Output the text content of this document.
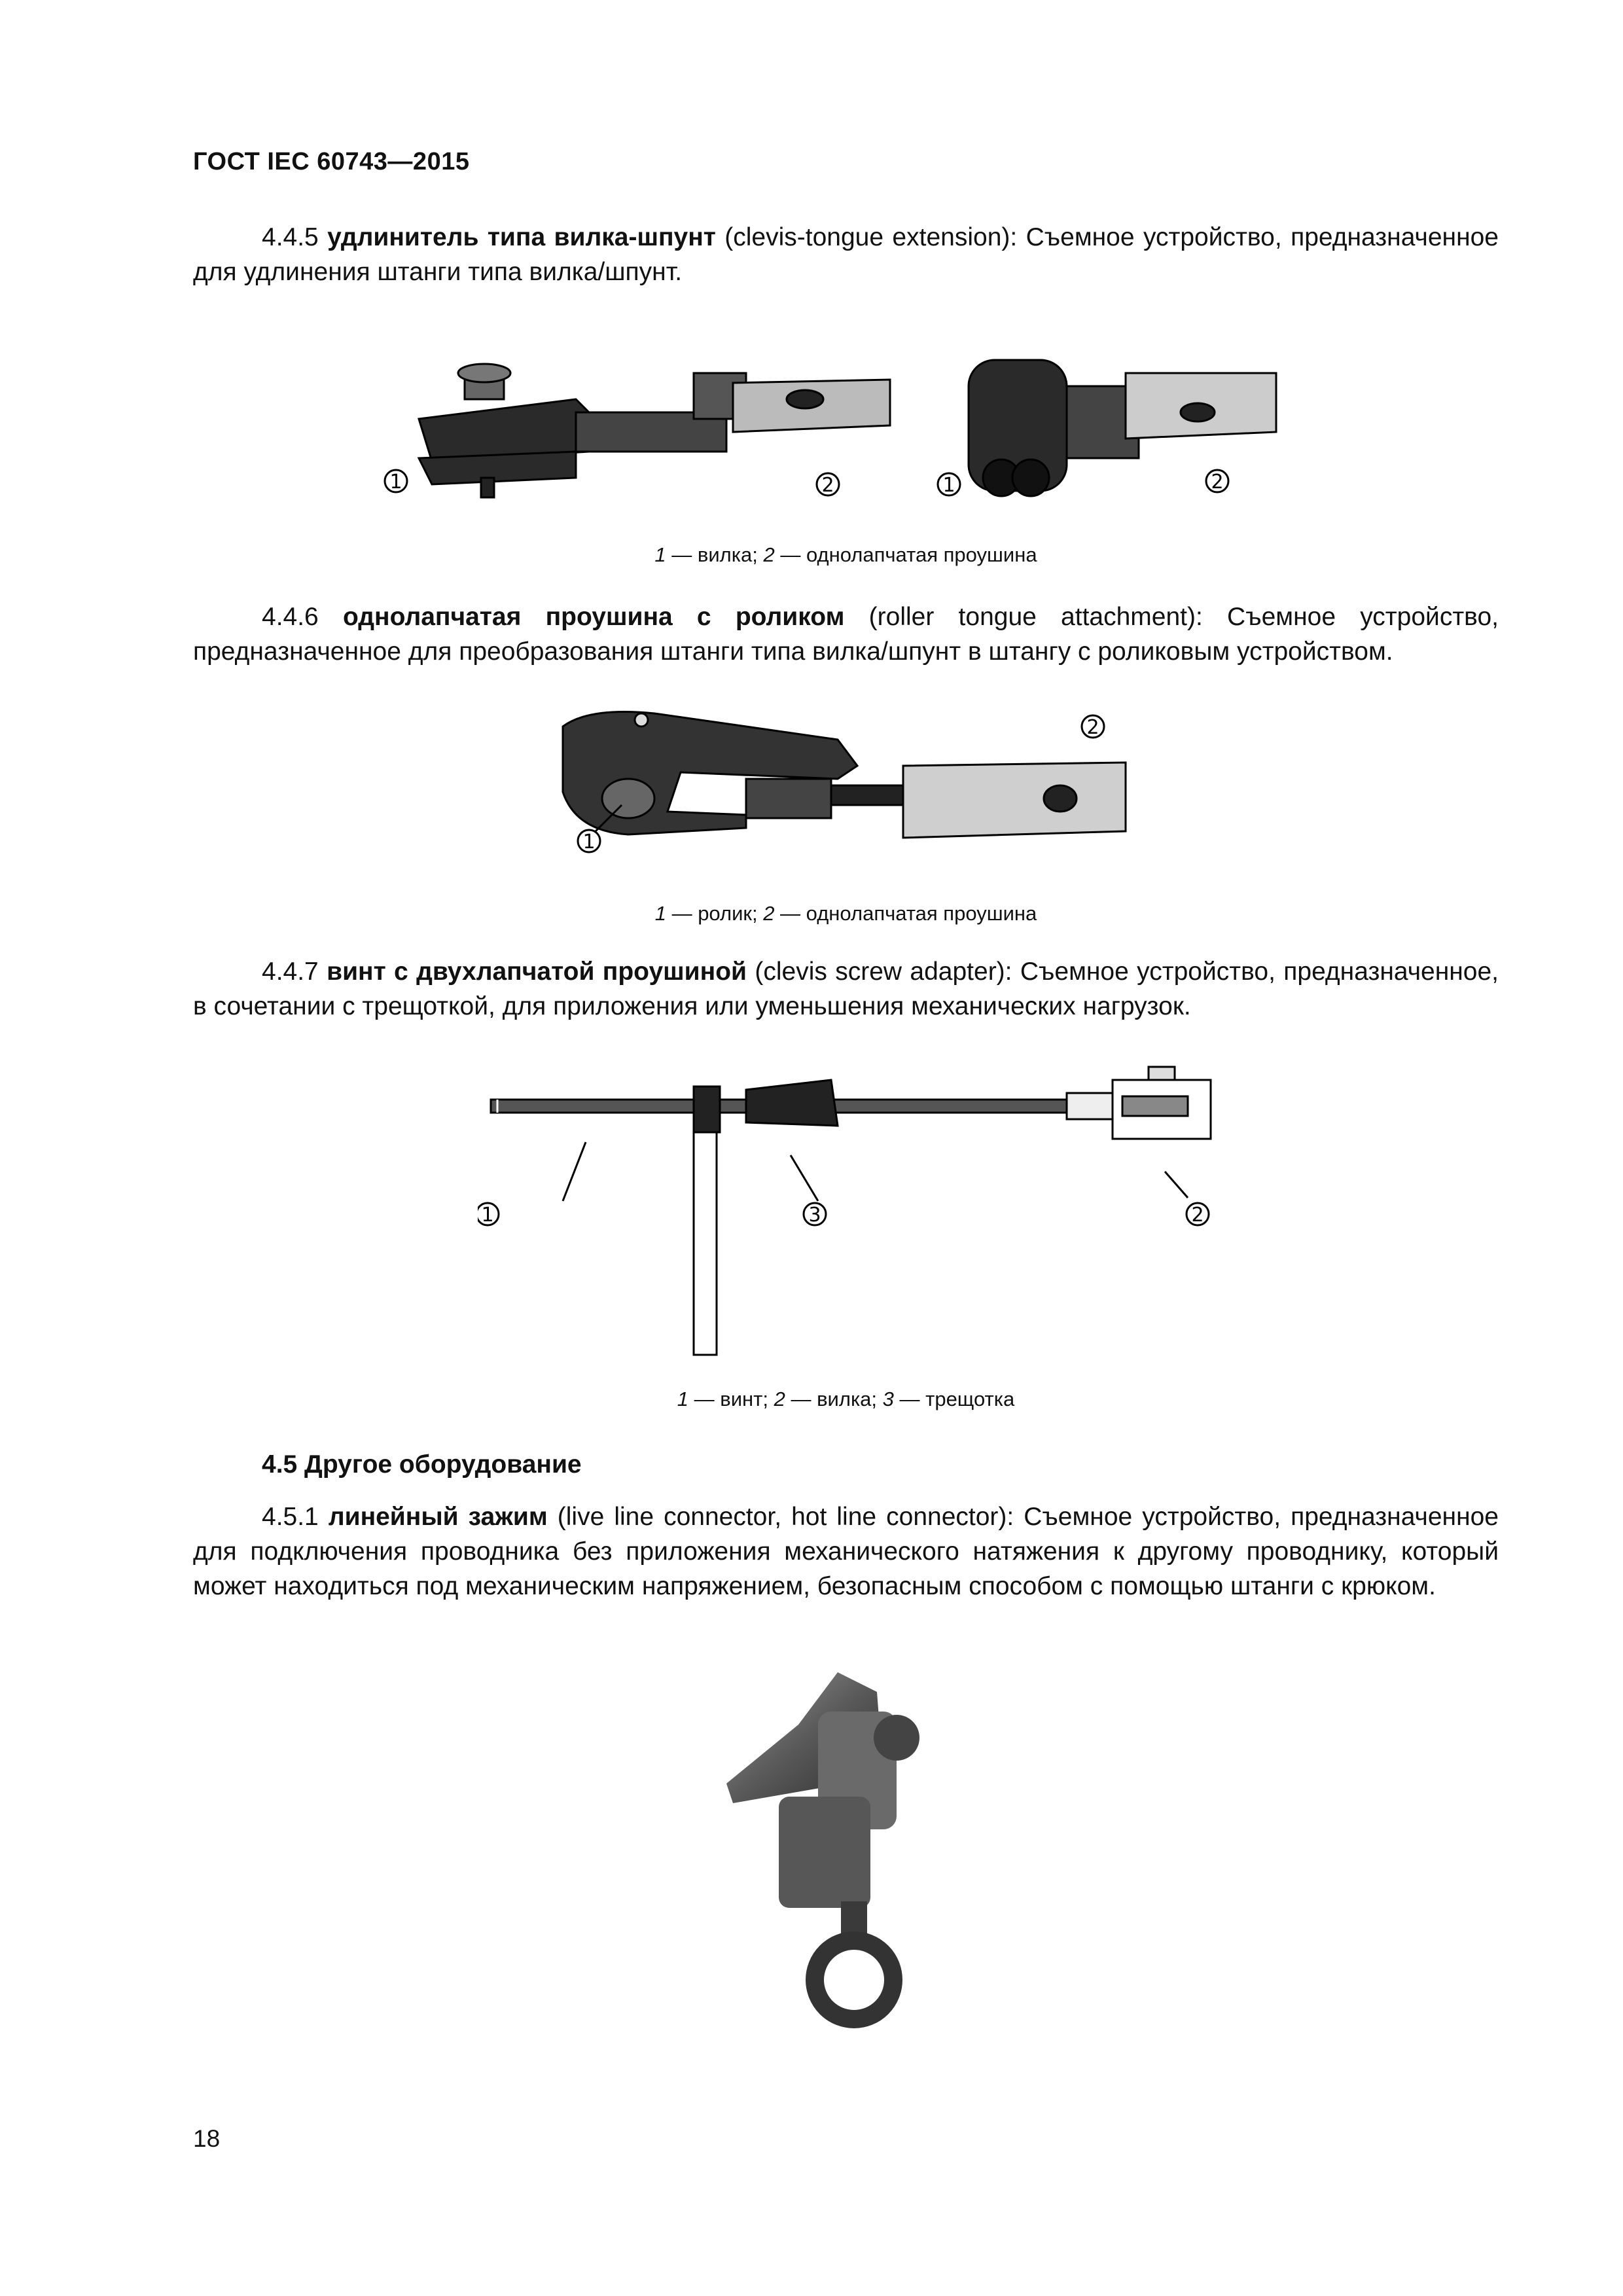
ГОСТ IEC 60743—2015
4.4.5 удлинитель типа вилка-шпунт (clevis-tongue extension): Съемное устройство, предназначенное для удлинения штанги типа вилка/шпунт.
1	2	1	2
1 — вилка; 2 — однолапчатая проушина
4.4.6 однолапчатая проушина с роликом (roller tongue attachment): Съемное устройство, предназначенное для преобразования штанги типа вилка/шпунт в штангу с роликовым устройством.
2
1
1 — ролик; 2 — однолапчатая проушина
4.4.7 винт с двухлапчатой проушиной (clevis screw adapter): Съемное устройство, предназначенное, в сочетании с трещоткой, для приложения или уменьшения механических нагрузок.
1	3	2
1 — винт; 2 — вилка; 3 — трещотка
4.5 Другое оборудование
4.5.1 линейный зажим (live line connector, hot line connector): Съемное устройство, предназначенное для подключения проводника без приложения механического натяжения к другому проводнику, который может находиться под механическим напряжением, безопасным способом с помощью штанги с крюком.
18
